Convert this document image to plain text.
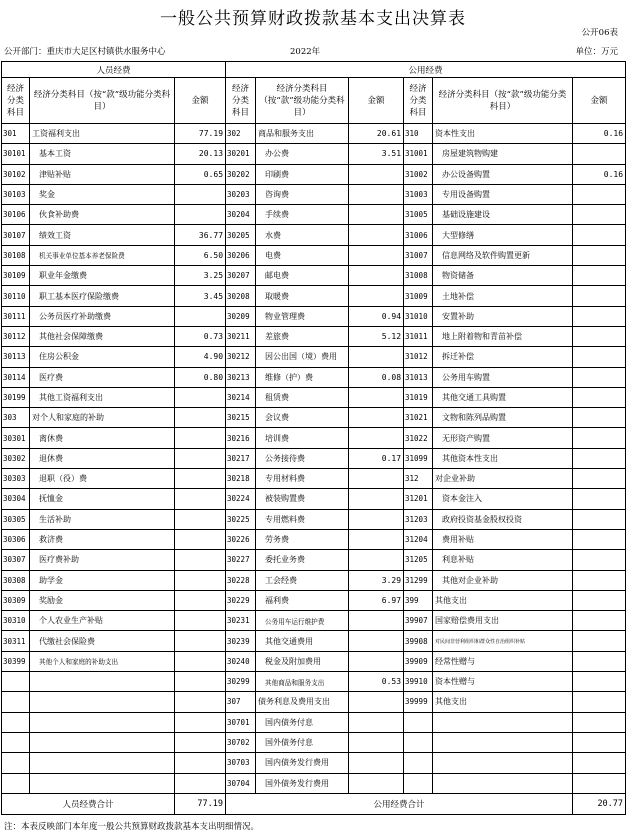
一般公共预算财政拨款基本支出决算表
公开06表
公开部门：重庆市大足区村镇供水服务中心	2022年	单位：万元
人员经费			公用经费					
经济分类科目	经济分类科目（按“款”级功能分类科目）	金额	经济分类科目	经济分类科目（按“款”级功能分类科目）	金额	经济分类科目	经济分类科目（按“款”级功能分类科目）	金额
301	工资福利支出	77.19	302	商品和服务支出	20.61	310	资本性支出	0.16
30101	基本工资	20.13	30201	办公费	3.51	31001	房屋建筑物购建	
30102	津贴补贴	0.65	30202	印刷费		31002	办公设备购置	0.16
30103	奖金		30203	咨询费		31003	专用设备购置	
30106	伙食补助费		30204	手续费		31005	基础设施建设	
30107	绩效工资	36.77	30205	水费		31006	大型修缮	
30108	机关事业单位基本养老保险费	6.50	30206	电费		31007	信息网络及软件购置更新	
30109	职业年金缴费	3.25	30207	邮电费		31008	物资储备	
30110	职工基本医疗保险缴费	3.45	30208	取暖费		31009	土地补偿	
30111	公务员医疗补助缴费		30209	物业管理费	0.94	31010	安置补助	
30112	其他社会保障缴费	0.73	30211	差旅费	5.12	31011	地上附着物和青苗补偿	
30113	住房公积金	4.90	30212	因公出国（境）费用		31012	拆迁补偿	
30114	医疗费	0.80	30213	维修（护）费	0.08	31013	公务用车购置	
30199	其他工资福利支出		30214	租赁费		31019	其他交通工具购置	
303	对个人和家庭的补助		30215	会议费		31021	文物和陈列品购置	
30301	离休费		30216	培训费		31022	无形资产购置	
30302	退休费		30217	公务接待费	0.17	31099	其他资本性支出	
30303	退职（役）费		30218	专用材料费		312	对企业补助	
30304	抚恤金		30224	被装购置费		31201	资本金注入	
30305	生活补助		30225	专用燃料费		31203	政府投资基金股权投资	
30306	救济费		30226	劳务费		31204	费用补贴	
30307	医疗费补助		30227	委托业务费		31205	利息补贴	
30308	助学金		30228	工会经费	3.29	31299	其他对企业补助	
30309	奖励金		30229	福利费	6.97	399	其他支出	
30310	个人农业生产补贴		30231	公务用车运行维护费		39907	国家赔偿费用支出	
30311	代缴社会保险费		30239	其他交通费用		39908	对民间非营利组织和群众性自治组织补贴	
30399	其他个人和家庭的补助支出		30240	税金及附加费用		39909	经常性赠与	
			30299	其他商品和服务支出	0.53	39910	资本性赠与	
			307	债务利息及费用支出		39999	其他支出	
			30701	国内债务付息				
			30702	国外债务付息				
			30703	国内债务发行费用				
			30704	国外债务发行费用				
人员经费合计		77.19	公用经费合计					20.77
注：本表反映部门本年度一般公共预算财政拨款基本支出明细情况。
